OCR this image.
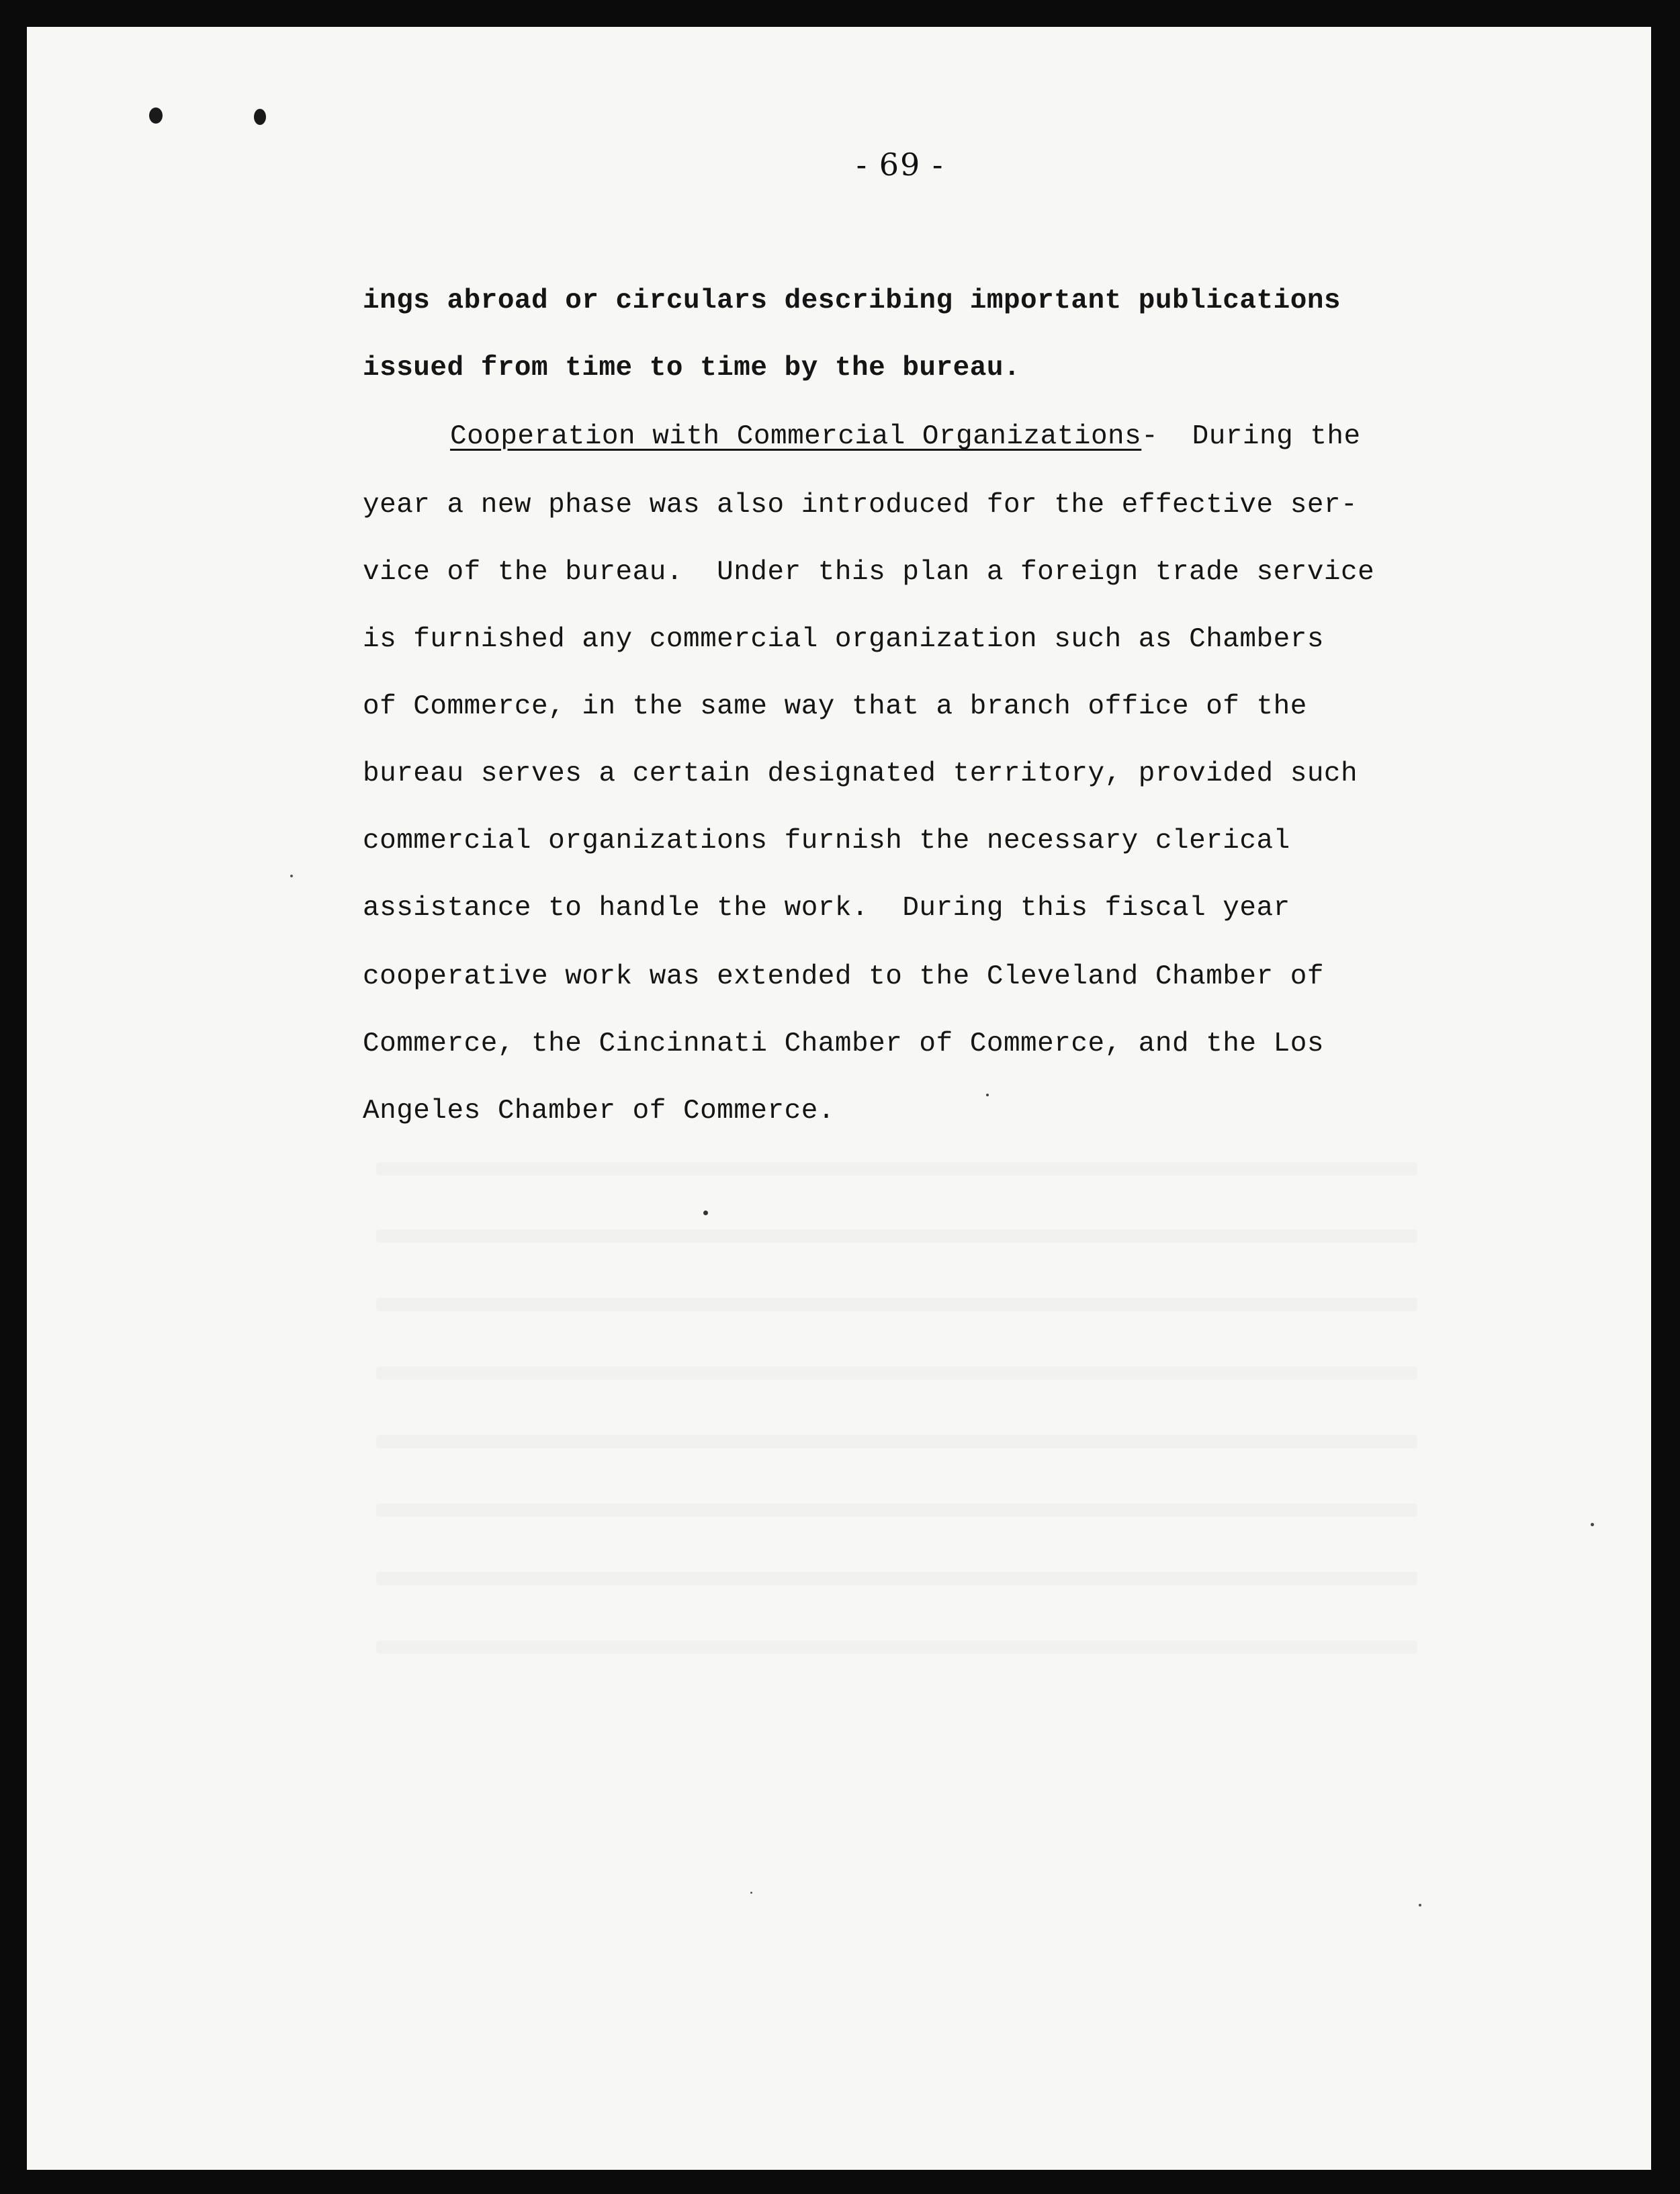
- 69 -
ings abroad or circulars describing important publications
issued from time to time by the bureau.
Cooperation with Commercial Organizations- During the
year a new phase was also introduced for the effective ser-
vice of the bureau.  Under this plan a foreign trade service
is furnished any commercial organization such as Chambers
of Commerce, in the same way that a branch office of the
bureau serves a certain designated territory, provided such
commercial organizations furnish the necessary clerical
assistance to handle the work.  During this fiscal year
cooperative work was extended to the Cleveland Chamber of
Commerce, the Cincinnati Chamber of Commerce, and the Los
Angeles Chamber of Commerce.
